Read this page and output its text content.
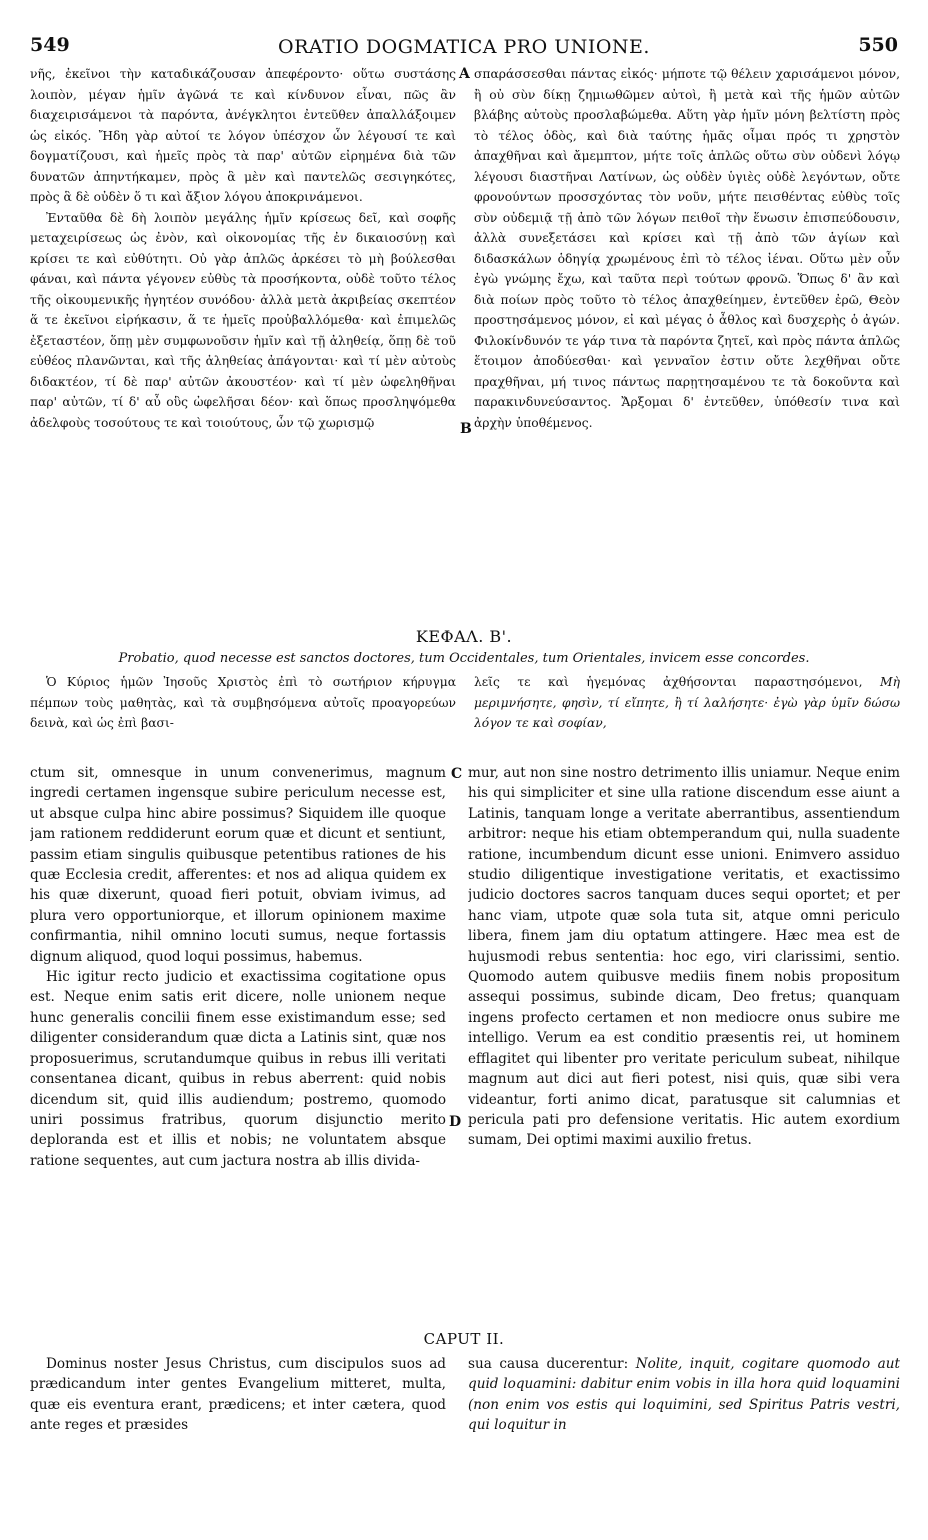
549	ORATIO DOGMATICA PRO UNIONE.	550

νῆς, ἐκεῖνοι τὴν καταδικάζουσαν ἀπεφέροντο· οὕτω συστάσης λοιπὸν, μέγαν ἡμῖν ἀγῶνά τε καὶ κίνδυνον εἶναι, πῶς ἂν διαχειρισάμενοι τὰ παρόντα, ἀνέγκλητοι ἐντεῦθεν ἀπαλλάξοιμεν ὡς εἰκός. Ἤδη γὰρ αὐτοί τε λόγον ὑπέσχον ὧν λέγουσί τε καὶ δογματίζουσι, καὶ ἡμεῖς πρὸς τὰ παρ' αὐτῶν εἰρημένα διὰ τῶν δυνατῶν ἀπηντήκαμεν, πρὸς ἃ μὲν καὶ παντελῶς σεσιγηκότες, πρὸς ἃ δὲ οὐδὲν ὅ τι καὶ ἄξιον λόγου ἀποκρινάμενοι.

Ἐνταῦθα δὲ δὴ λοιπὸν μεγάλης ἡμῖν κρίσεως δεῖ, καὶ σοφῆς μεταχειρίσεως ὡς ἐνὸν, καὶ οἰκονομίας τῆς ἐν δικαιοσύνῃ καὶ κρίσει τε καὶ εὐθύτητι. Οὐ γὰρ ἁπλῶς ἀρκέσει τὸ μὴ βούλεσθαι φάναι, καὶ πάντα γέγονεν εὐθὺς τὰ προσήκοντα, οὐδὲ τοῦτο τέλος τῆς οἰκουμενικῆς ἡγητέον συνόδου· ἀλλὰ μετὰ ἀκριβείας σκεπτέον ἅ τε ἐκεῖνοι εἰρήκασιν, ἅ τε ἡμεῖς προὐβαλλόμεθα· καὶ ἐπιμελῶς ἐξεταστέον, ὅπῃ μὲν συμφωνοῦσιν ἡμῖν καὶ τῇ ἀληθείᾳ, ὅπῃ δὲ τοῦ εὐθέος πλανῶνται, καὶ τῆς ἀληθείας ἀπάγονται· καὶ τί μὲν αὐτοὺς διδακτέον, τί δὲ παρ' αὐτῶν ἀκουστέον· καὶ τί μὲν ὠφεληθῆναι παρ' αὐτῶν, τί δ' αὖ οὓς ὠφελῆσαι δέον· καὶ ὅπως προσληψόμεθα ἀδελφοὺς τοσούτους τε καὶ τοιούτους, ὧν τῷ χωρισμῷ

A
B

σπαράσσεσθαι πάντας εἰκός· μήποτε τῷ θέλειν χαρισάμενοι μόνον, ἢ οὐ σὺν δίκῃ ζημιωθῶμεν αὐτοὶ, ἢ μετὰ καὶ τῆς ἡμῶν αὐτῶν βλάβης αὐτοὺς προσλαβώμεθα. Αὕτη γὰρ ἡμῖν μόνη βελτίστη πρὸς τὸ τέλος ὁδὸς, καὶ διὰ ταύτης ἡμᾶς οἶμαι πρός τι χρηστὸν ἀπαχθῆναι καὶ ἄμεμπτον, μήτε τοῖς ἁπλῶς οὕτω σὺν οὐδενὶ λόγῳ λέγουσι διαστῆναι Λατίνων, ὡς οὐδὲν ὑγιὲς οὐδὲ λεγόντων, οὔτε φρονούντων προσσχόντας τὸν νοῦν, μήτε πεισθέντας εὐθὺς τοῖς σὺν οὐδεμιᾷ τῇ ἀπὸ τῶν λόγων πειθοῖ τὴν ἕνωσιν ἐπισπεύδουσιν, ἀλλὰ συνεξετάσει καὶ κρίσει καὶ τῇ ἀπὸ τῶν ἁγίων καὶ διδασκάλων ὁδηγίᾳ χρωμένους ἐπὶ τὸ τέλος ἰέναι. Οὕτω μὲν οὖν ἐγὼ γνώμης ἔχω, καὶ ταῦτα περὶ τούτων φρονῶ. Ὅπως δ' ἂν καὶ διὰ ποίων πρὸς τοῦτο τὸ τέλος ἀπαχθείημεν, ἐντεῦθεν ἐρῶ, Θεὸν προστησάμενος μόνον, εἰ καὶ μέγας ὁ ἆθλος καὶ δυσχερὴς ὁ ἀγών. Φιλοκίνδυνόν τε γάρ τινα τὰ παρόντα ζητεῖ, καὶ πρὸς πάντα ἁπλῶς ἕτοιμον ἀποδύεσθαι· καὶ γενναῖον ἐστιν οὔτε λεχθῆναι οὔτε πραχθῆναι, μή τινος πάντως παρῃτησαμένου τε τὰ δοκοῦντα καὶ παρακινδυνεύσαντος. Ἄρξομαι δ' ἐντεῦθεν, ὑπόθεσίν τινα καὶ ἀρχὴν ὑποθέμενος.

ΚΕΦΑΛ. Β'.
Probatio, quod necesse est sanctos doctores, tum Occidentales, tum Orientales, invicem esse concordes.

Ὁ Κύριος ἡμῶν Ἰησοῦς Χριστὸς ἐπὶ τὸ σωτήριον κήρυγμα πέμπων τοὺς μαθητὰς, καὶ τὰ συμβησόμενα αὐτοῖς προαγορεύων δεινὰ, καὶ ὡς ἐπὶ βασι-

λεῖς τε καὶ ἡγεμόνας ἀχθήσονται παραστησόμενοι, Μὴ μεριμνήσητε, φησὶν, τί εἴπητε, ἢ τί λαλήσητε· ἐγὼ γὰρ ὑμῖν δώσω λόγον τε καὶ σοφίαν,

C
D

ctum sit, omnesque in unum convenerimus, magnum ingredi certamen ingensque subire periculum necesse est, ut absque culpa hinc abire possimus? Siquidem ille quoque jam rationem reddiderunt eorum quæ et dicunt et sentiunt, passim etiam singulis quibusque petentibus rationes de his quæ Ecclesia credit, afferentes: et nos ad aliqua quidem ex his quæ dixerunt, quoad fieri potuit, obviam ivimus, ad plura vero opportuniorque, et illorum opinionem maxime confirmantia, nihil omnino locuti sumus, neque fortassis dignum aliquod, quod loqui possimus, habemus.

Hic igitur recto judicio et exactissima cogitatione opus est. Neque enim satis erit dicere, nolle unionem neque hunc generalis concilii finem esse existimandum esse; sed diligenter considerandum quæ dicta a Latinis sint, quæ nos proposuerimus, scrutandumque quibus in rebus illi veritati consentanea dicant, quibus in rebus aberrent: quid nobis dicendum sit, quid illis audiendum; postremo, quomodo uniri possimus fratribus, quorum disjunctio merito deploranda est et illis et nobis; ne voluntatem absque ratione sequentes, aut cum jactura nostra ab illis divida-

mur, aut non sine nostro detrimento illis uniamur. Neque enim his qui simpliciter et sine ulla ratione discendum esse aiunt a Latinis, tanquam longe a veritate aberrantibus, assentiendum arbitror: neque his etiam obtemperandum qui, nulla suadente ratione, incumbendum dicunt esse unioni. Enimvero assiduo studio diligentique investigatione veritatis, et exactissimo judicio doctores sacros tanquam duces sequi oportet; et per hanc viam, utpote quæ sola tuta sit, atque omni periculo libera, finem jam diu optatum attingere. Hæc mea est de hujusmodi rebus sententia: hoc ego, viri clarissimi, sentio. Quomodo autem quibusve mediis finem nobis propositum assequi possimus, subinde dicam, Deo fretus; quanquam ingens profecto certamen et non mediocre onus subire me intelligo. Verum ea est conditio præsentis rei, ut hominem efflagitet qui libenter pro veritate periculum subeat, nihilque magnum aut dici aut fieri potest, nisi quis, quæ sibi vera videantur, forti animo dicat, paratusque sit calumnias et pericula pati pro defensione veritatis. Hic autem exordium sumam, Dei optimi maximi auxilio fretus.

CAPUT II.

Dominus noster Jesus Christus, cum discipulos suos ad prædicandum inter gentes Evangelium mitteret, multa, quæ eis eventura erant, prædicens; et inter cætera, quod ante reges et præsides

sua causa ducerentur: Nolite, inquit, cogitare quomodo aut quid loquamini: dabitur enim vobis in illa hora quid loquamini (non enim vos estis qui loquimini, sed Spiritus Patris vestri, qui loquitur in
